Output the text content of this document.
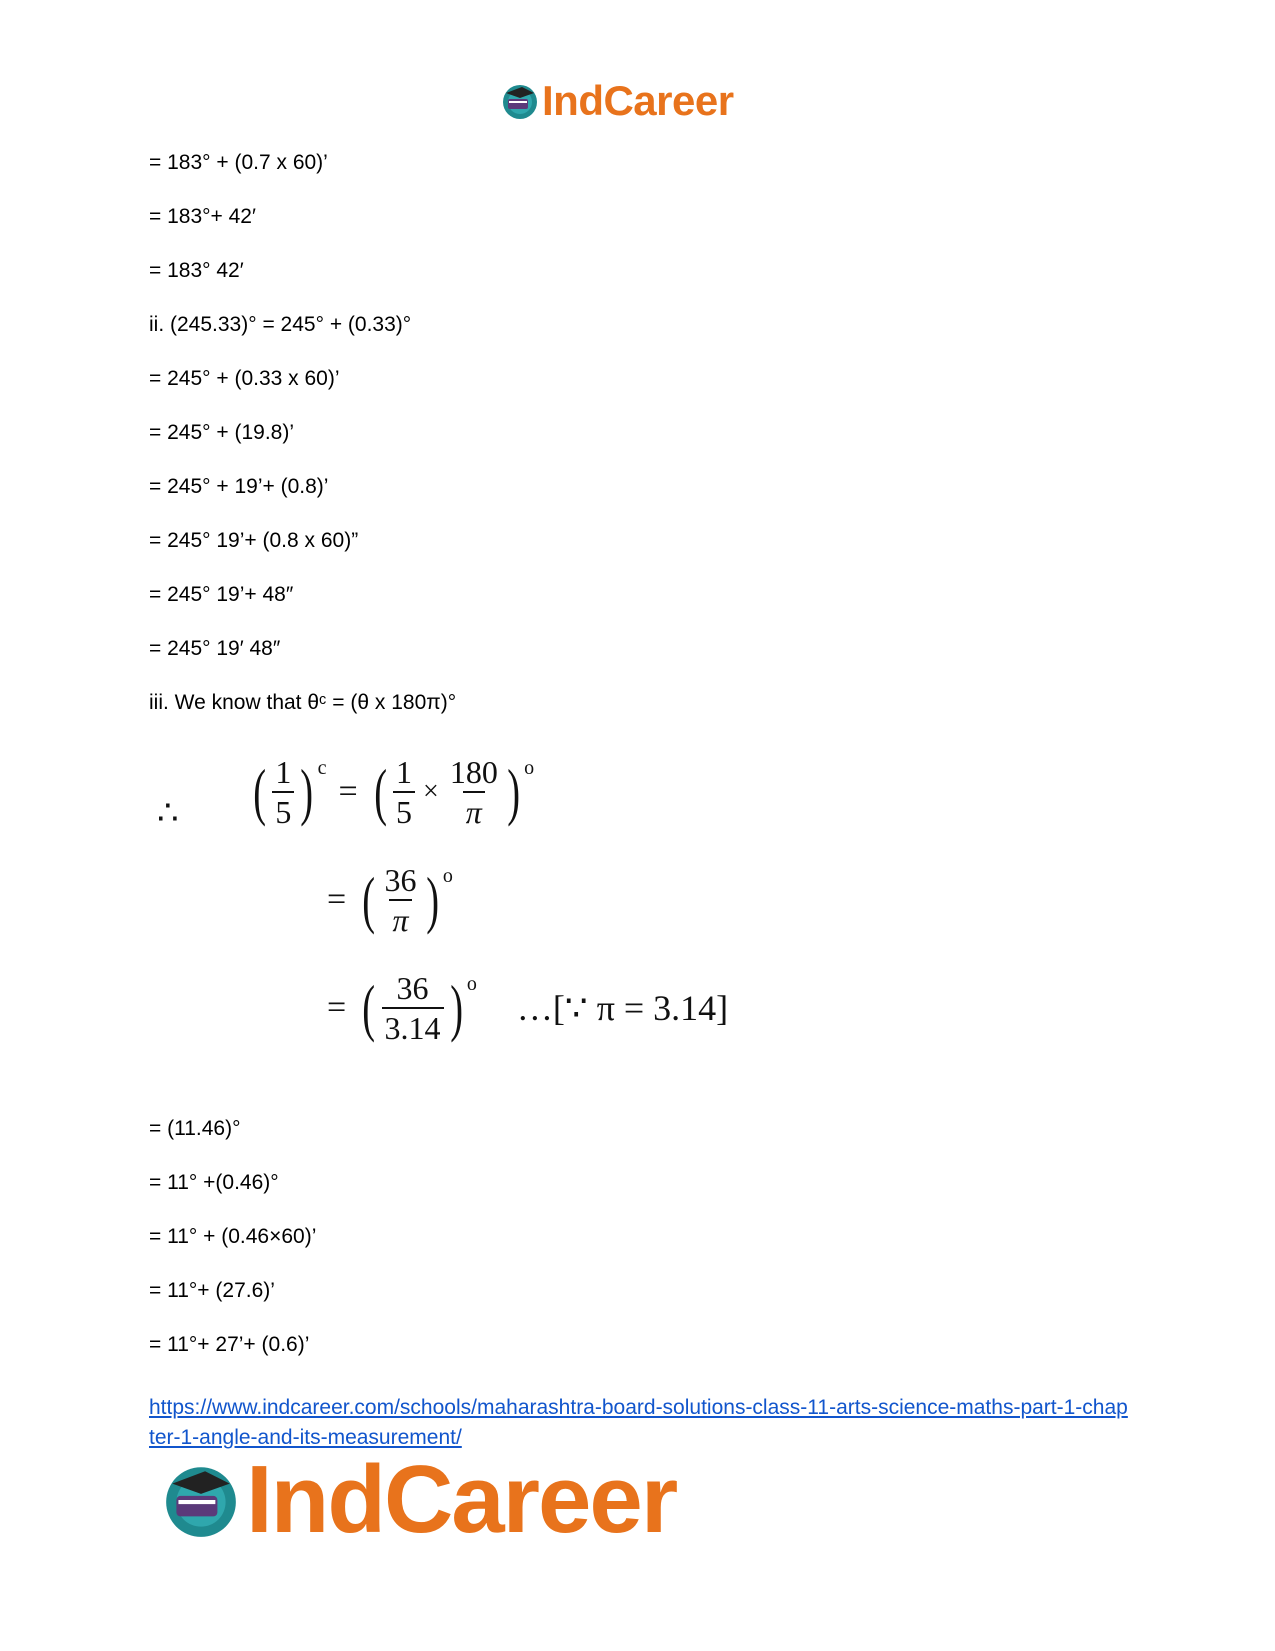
IndCareer
= 183° + (0.7 x 60)’
= 183°+ 42′
= 183° 42′
ii. (245.33)° = 245° + (0.33)°
= 245° + (0.33 x 60)’
= 245° + (19.8)’
= 245° + 19’+ (0.8)’
= 245° 19’+ (0.8 x 60)”
= 245° 19’+ 48″
= 245° 19′ 48″
iii. We know that θᶜ = (θ x 180π)°
∴ ( $\frac{1}{5}$ ) c
= ( $\frac{1}{5} \times \frac{180}{\pi}$ ) o
= ( $\frac{36}{\pi}$ ) o
= ( $\frac{36}{3.14}$ ) o
…[∵ π = 3.14]
= (11.46)°
= 11° +(0.46)°
= 11° + (0.46×60)’
= 11°+ (27.6)’
= 11°+ 27’+ (0.6)’
https://www.indcareer.com/schools/maharashtra-board-solutions-class-11-arts-science-maths-part-1-chapter-1-angle-and-its-measurement/
IndCareer
